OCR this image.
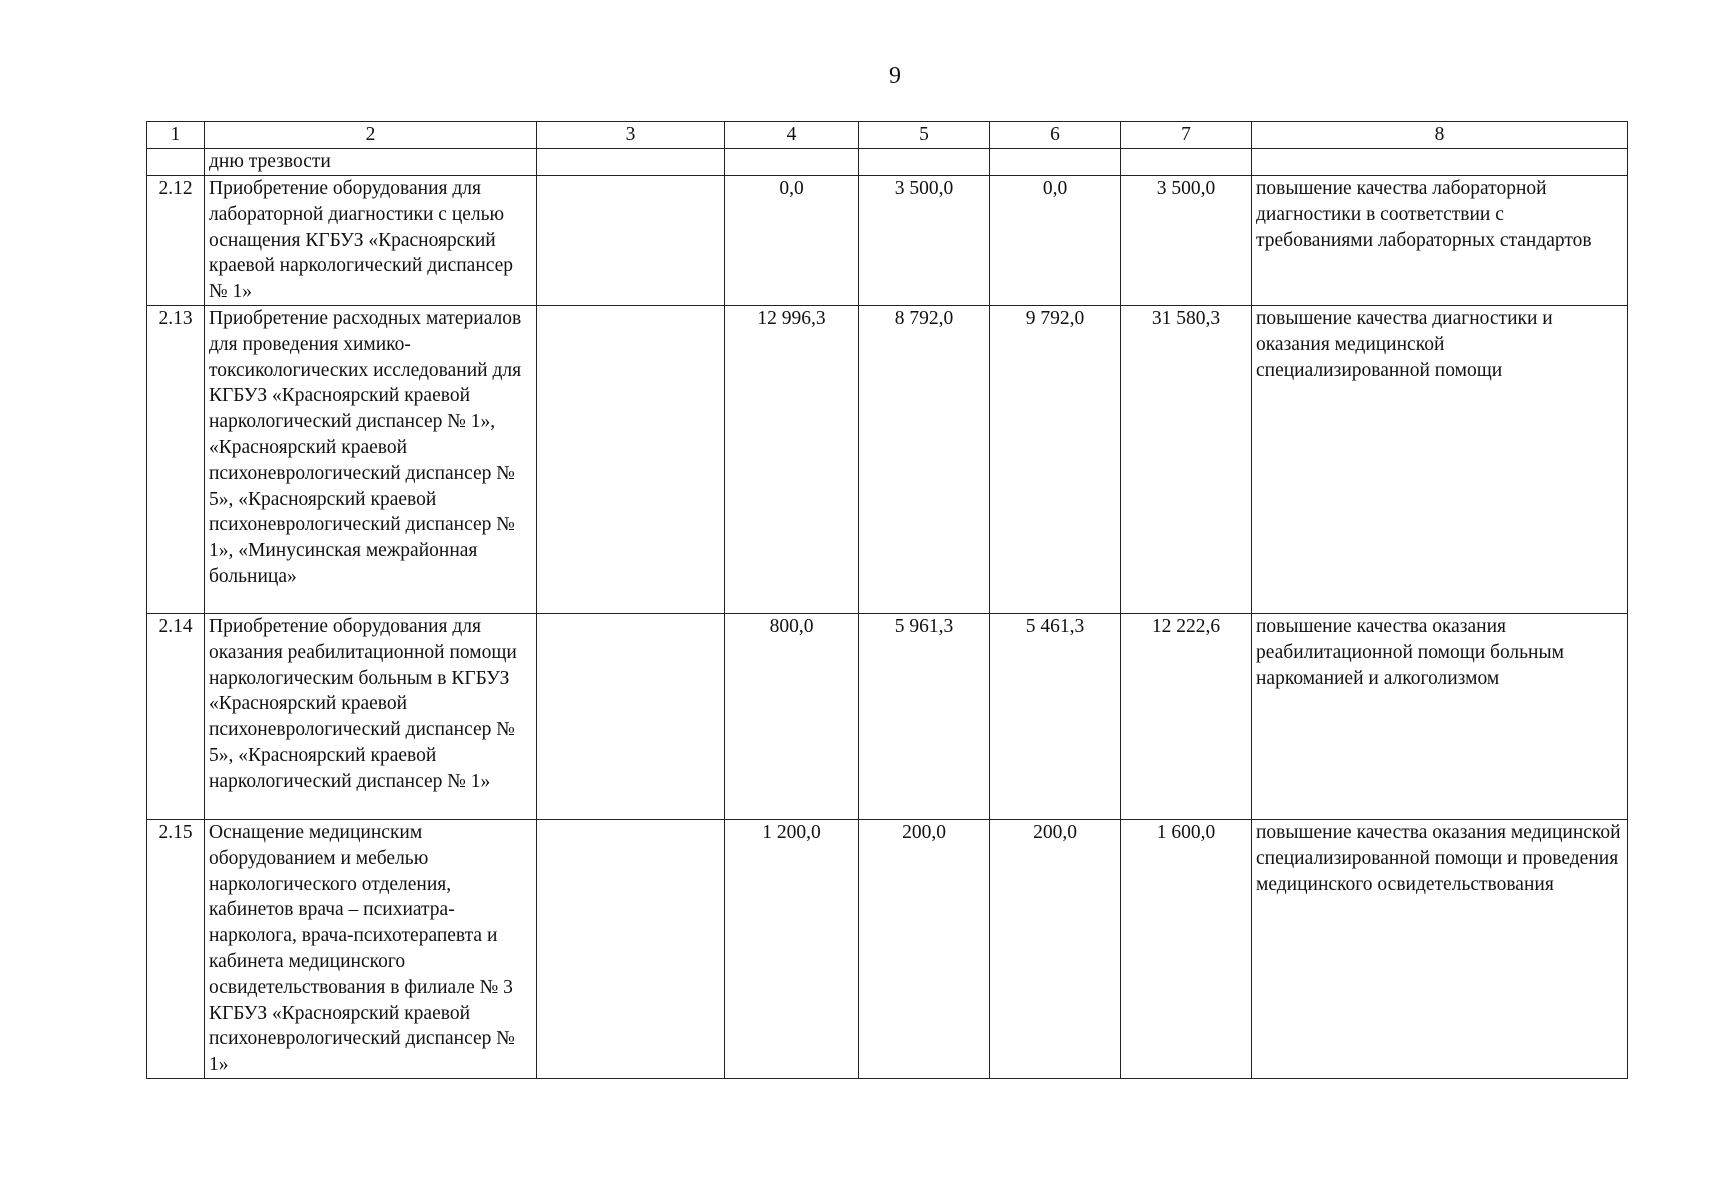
9
1	2	3	4	5	6	7	8
	дню трезвости						
2.12	Приобретение оборудования для лабораторной диагностики с целью оснащения КГБУЗ «Красноярский краевой наркологический диспансер № 1»		0,0	3 500,0	0,0	3 500,0	повышение качества лабораторной диагностики в соответствии с требованиями лабораторных стандартов
2.13	Приобретение расходных материалов для проведения химико-токсикологических исследований для КГБУЗ «Красноярский краевой наркологический диспансер № 1», «Красноярский краевой психоневрологический диспансер № 5», «Красноярский краевой психоневрологический диспансер № 1», «Минусинская межрайонная больница»		12 996,3	8 792,0	9 792,0	31 580,3	повышение качества диагностики и оказания медицинской специализированной помощи
2.14	Приобретение оборудования для оказания реабилитационной помощи наркологическим больным в КГБУЗ «Красноярский краевой психоневрологический диспансер № 5», «Красноярский краевой наркологический диспансер № 1»		800,0	5 961,3	5 461,3	12 222,6	повышение качества оказания реабилитационной помощи больным наркоманией и алкоголизмом
2.15	Оснащение медицинским оборудованием и мебелью наркологического отделения, кабинетов врача – психиатра-нарколога, врача-психотерапевта и кабинета медицинского освидетельствования в филиале № 3 КГБУЗ «Красноярский краевой психоневрологический диспансер № 1»		1 200,0	200,0	200,0	1 600,0	повышение качества оказания медицинской специализированной помощи и проведения медицинского освидетельствования
